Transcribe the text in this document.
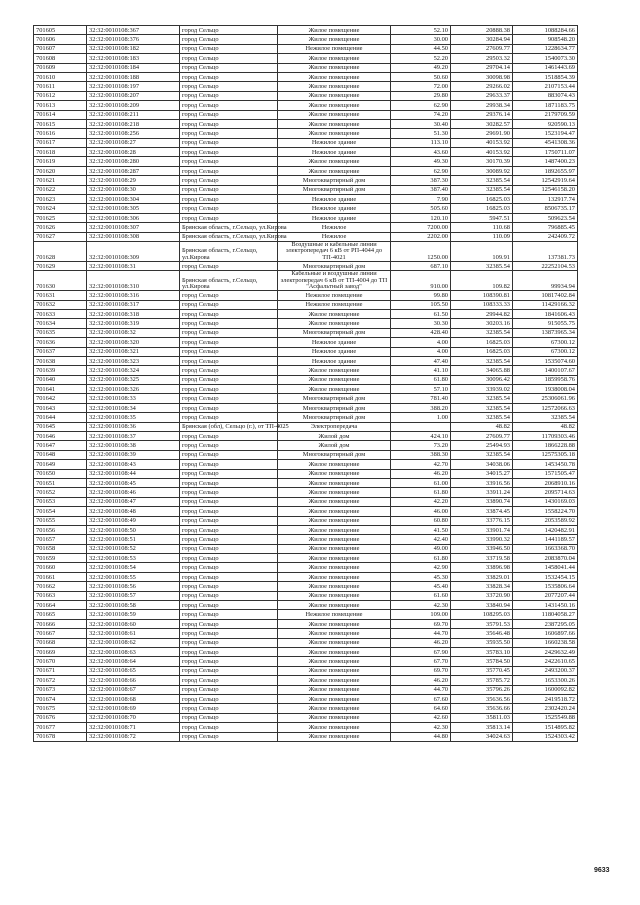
701605	32:32:0010108:367	город Сельцо	Жилое помещение	52.10	20888.38	1088284.66
701606	32:32:0010108:376	город Сельцо	Жилое помещение	30.00	30284.94	908548.20
701607	32:32:0010108:182	город Сельцо	Нежилое помещение	44.50	27609.77	1228634.77
701608	32:32:0010108:183	город Сельцо	Жилое помещение	52.20	29503.32	1540073.30
701609	32:32:0010108:184	город Сельцо	Жилое помещение	49.20	29704.14	1461443.69
701610	32:32:0010108:188	город Сельцо	Жилое помещение	50.60	30098.98	1518854.39
701611	32:32:0010108:197	город Сельцо	Жилое помещение	72.00	29266.02	2107153.44
701612	32:32:0010108:207	город Сельцо	Жилое помещение	29.80	29633.37	883074.43
701613	32:32:0010108:209	город Сельцо	Жилое помещение	62.90	29938.34	1871183.75
701614	32:32:0010108:211	город Сельцо	Жилое помещение	74.20	29376.14	2179709.59
701615	32:32:0010108:218	город Сельцо	Жилое помещение	30.40	30282.57	920590.13
701616	32:32:0010108:256	город Сельцо	Жилое помещение	51.30	29691.90	1523194.47
701617	32:32:0010108:27	город Сельцо	Нежилое здание	113.10	40153.92	4541308.36
701618	32:32:0010108:28	город Сельцо	Нежилое здание	43.60	40153.92	1750711.07
701619	32:32:0010108:280	город Сельцо	Жилое помещение	49.30	30170.39	1487400.23
701620	32:32:0010108:287	город Сельцо	Жилое помещение	62.90	30089.92	1892655.97
701621	32:32:0010108:29	город Сельцо	Многоквартирный дом	387.30	32385.54	12542919.64
701622	32:32:0010108:30	город Сельцо	Многоквартирный дом	387.40	32385.54	12546158.20
701623	32:32:0010108:304	город Сельцо	Нежилое здание	7.90	16825.03	132917.74
701624	32:32:0010108:305	город Сельцо	Нежилое здание	505.60	16825.03	8506735.17
701625	32:32:0010108:306	город Сельцо	Нежилое здание	120.10	5947.51	509623.54
701626	32:32:0010108:307	Брянская область, г.Сельцо, ул.Кирова	Нежилое	7200.00	110.68	796885.45
701627	32:32:0010108:308	Брянская область, г.Сельцо, ул.Кирова	Нежилое	2202.00	110.09	242409.72
701628	32:32:0010108:309	Брянская область, г.Сельцо, ул.Кирова	Воздушные и кабельные линии электропередач 6 кВ от РП-4044 до ТП-4021	1250.00	109.91	137381.73
701629	32:32:0010108:31	город Сельцо	Многоквартирный дом	687.10	32385.54	22252104.53
701630	32:32:0010108:310	Брянская область, г.Сельцо, ул.Кирова	Кабельные и воздушные линии электропередач 6 кВ от ТП-4004 до ТП "Асфальтный завод"	910.00	109.82	99934.94
701631	32:32:0010108:316	город Сельцо	Нежилое помещение	99.80	108390.81	10817402.84
701632	32:32:0010108:317	город Сельцо	Нежилое помещение	105.50	108333.33	11429166.32
701633	32:32:0010108:318	город Сельцо	Жилое помещение	61.50	29944.82	1841606.43
701634	32:32:0010108:319	город Сельцо	Жилое помещение	30.30	30203.16	915055.75
701635	32:32:0010108:32	город Сельцо	Многоквартирный дом	428.40	32385.54	13873965.34
701636	32:32:0010108:320	город Сельцо	Нежилое здание	4.00	16825.03	67300.12
701637	32:32:0010108:321	город Сельцо	Нежилое здание	4.00	16825.03	67300.12
701638	32:32:0010108:323	город Сельцо	Нежилое здание	47.40	32385.54	1535074.60
701639	32:32:0010108:324	город Сельцо	Жилое помещение	41.10	34065.88	1400107.67
701640	32:32:0010108:325	город Сельцо	Жилое помещение	61.80	30096.42	1859958.76
701641	32:32:0010108:326	город Сельцо	Жилое помещение	57.10	33939.02	1938008.04
701642	32:32:0010108:33	город Сельцо	Многоквартирный дом	781.40	32385.54	25306061.96
701643	32:32:0010108:34	город Сельцо	Многоквартирный дом	388.20	32385.54	12572066.63
701644	32:32:0010108:35	город Сельцо	Многоквартирный дом	1.00	32385.54	32385.54
701645	32:32:0010108:36	Брянская (обл), Сельцо (г.), от ТП-4025	Электропередача		48.82	48.82
701646	32:32:0010108:37	город Сельцо	Жилой дом	424.10	27609.77	11709303.46
701647	32:32:0010108:38	город Сельцо	Жилой дом	73.20	25494.93	1866228.88
701648	32:32:0010108:39	город Сельцо	Многоквартирный дом	388.30	32385.54	12575305.18
701649	32:32:0010108:43	город Сельцо	Жилое помещение	42.70	34038.06	1453450.78
701650	32:32:0010108:44	город Сельцо	Жилое помещение	46.20	34015.27	1571505.47
701651	32:32:0010108:45	город Сельцо	Жилое помещение	61.00	33916.56	2068910.16
701652	32:32:0010108:46	город Сельцо	Жилое помещение	61.80	33911.24	2095714.63
701653	32:32:0010108:47	город Сельцо	Жилое помещение	42.20	33890.74	1430169.03
701654	32:32:0010108:48	город Сельцо	Жилое помещение	46.00	33874.45	1558224.70
701655	32:32:0010108:49	город Сельцо	Жилое помещение	60.80	33776.15	2053589.92
701656	32:32:0010108:50	город Сельцо	Жилое помещение	41.50	33901.74	1420482.91
701657	32:32:0010108:51	город Сельцо	Жилое помещение	42.40	33990.32	1441189.57
701658	32:32:0010108:52	город Сельцо	Жилое помещение	49.00	33946.50	1663368.70
701659	32:32:0010108:53	город Сельцо	Жилое помещение	61.80	33719.58	2083870.04
701660	32:32:0010108:54	город Сельцо	Жилое помещение	42.90	33896.98	1458041.44
701661	32:32:0010108:55	город Сельцо	Жилое помещение	45.30	33829.01	1532454.15
701662	32:32:0010108:56	город Сельцо	Жилое помещение	45.40	33828.34	1535806.64
701663	32:32:0010108:57	город Сельцо	Жилое помещение	61.60	33720.90	2077207.44
701664	32:32:0010108:58	город Сельцо	Жилое помещение	42.30	33840.94	1431450.16
701665	32:32:0010108:59	город Сельцо	Нежилое помещение	109.00	108295.03	11804058.27
701666	32:32:0010108:60	город Сельцо	Жилое помещение	69.70	35791.53	2387295.05
701667	32:32:0010108:61	город Сельцо	Жилое помещение	44.70	35646.48	1606897.66
701668	32:32:0010108:62	город Сельцо	Жилое помещение	46.20	35935.50	1660238.58
701669	32:32:0010108:63	город Сельцо	Жилое помещение	67.90	35783.10	2429632.49
701670	32:32:0010108:64	город Сельцо	Жилое помещение	67.70	35784.50	2422610.65
701671	32:32:0010108:65	город Сельцо	Жилое помещение	69.70	35770.45	2493200.37
701672	32:32:0010108:66	город Сельцо	Жилое помещение	46.20	35785.72	1653300.26
701673	32:32:0010108:67	город Сельцо	Жилое помещение	44.70	35796.26	1600092.82
701674	32:32:0010108:68	город Сельцо	Жилое помещение	67.60	35636.56	2419518.72
701675	32:32:0010108:69	город Сельцо	Жилое помещение	64.60	35636.66	2302420.24
701676	32:32:0010108:70	город Сельцо	Жилое помещение	42.60	35811.03	1525549.88
701677	32:32:0010108:71	город Сельцо	Жилое помещение	42.30	35813.14	1514895.82
701678	32:32:0010108:72	город Сельцо	Жилое помещение	44.80	34024.63	1524303.42
9633
